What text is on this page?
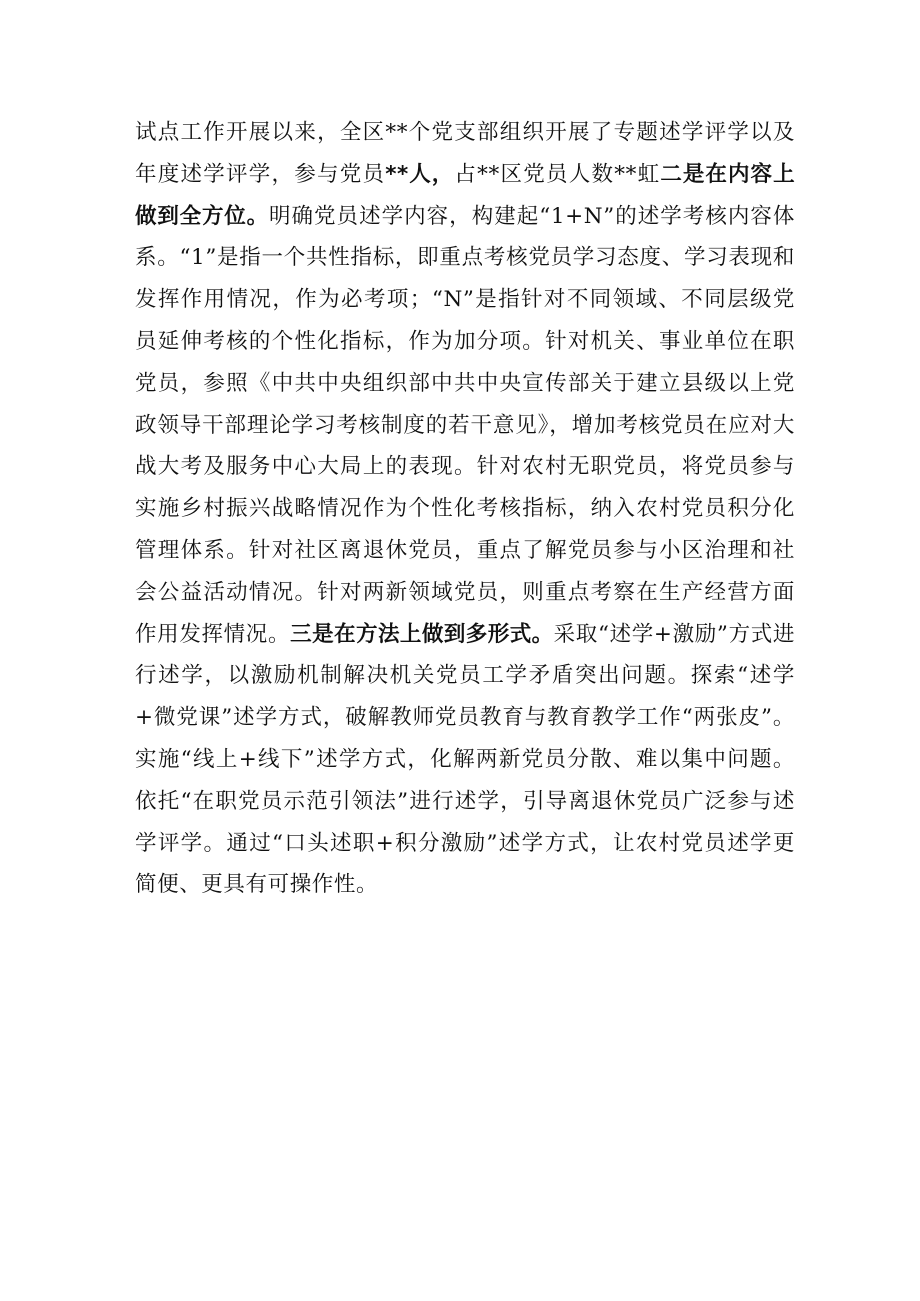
试点工作开展以来，全区**个党支部组织开展了专题述学评学以及年度述学评学，参与党员**人，占**区党员人数**虹二是在内容上做到全方位。明确党员述学内容，构建起“1+N”的述学考核内容体系。“1”是指一个共性指标，即重点考核党员学习态度、学习表现和发挥作用情况，作为必考项；“N”是指针对不同领域、不同层级党员延伸考核的个性化指标，作为加分项。针对机关、事业单位在职党员，参照《中共中央组织部中共中央宣传部关于建立县级以上党政领导干部理论学习考核制度的若干意见》，增加考核党员在应对大战大考及服务中心大局上的表现。针对农村无职党员，将党员参与实施乡村振兴战略情况作为个性化考核指标，纳入农村党员积分化管理体系。针对社区离退休党员，重点了解党员参与小区治理和社会公益活动情况。针对两新领域党员，则重点考察在生产经营方面作用发挥情况。三是在方法上做到多形式。采取“述学+激励”方式进行述学，以激励机制解决机关党员工学矛盾突出问题。探索“述学+微党课”述学方式，破解教师党员教育与教育教学工作“两张皮”。实施“线上+线下”述学方式，化解两新党员分散、难以集中问题。依托“在职党员示范引领法”进行述学，引导离退休党员广泛参与述学评学。通过“口头述职+积分激励”述学方式，让农村党员述学更简便、更具有可操作性。
